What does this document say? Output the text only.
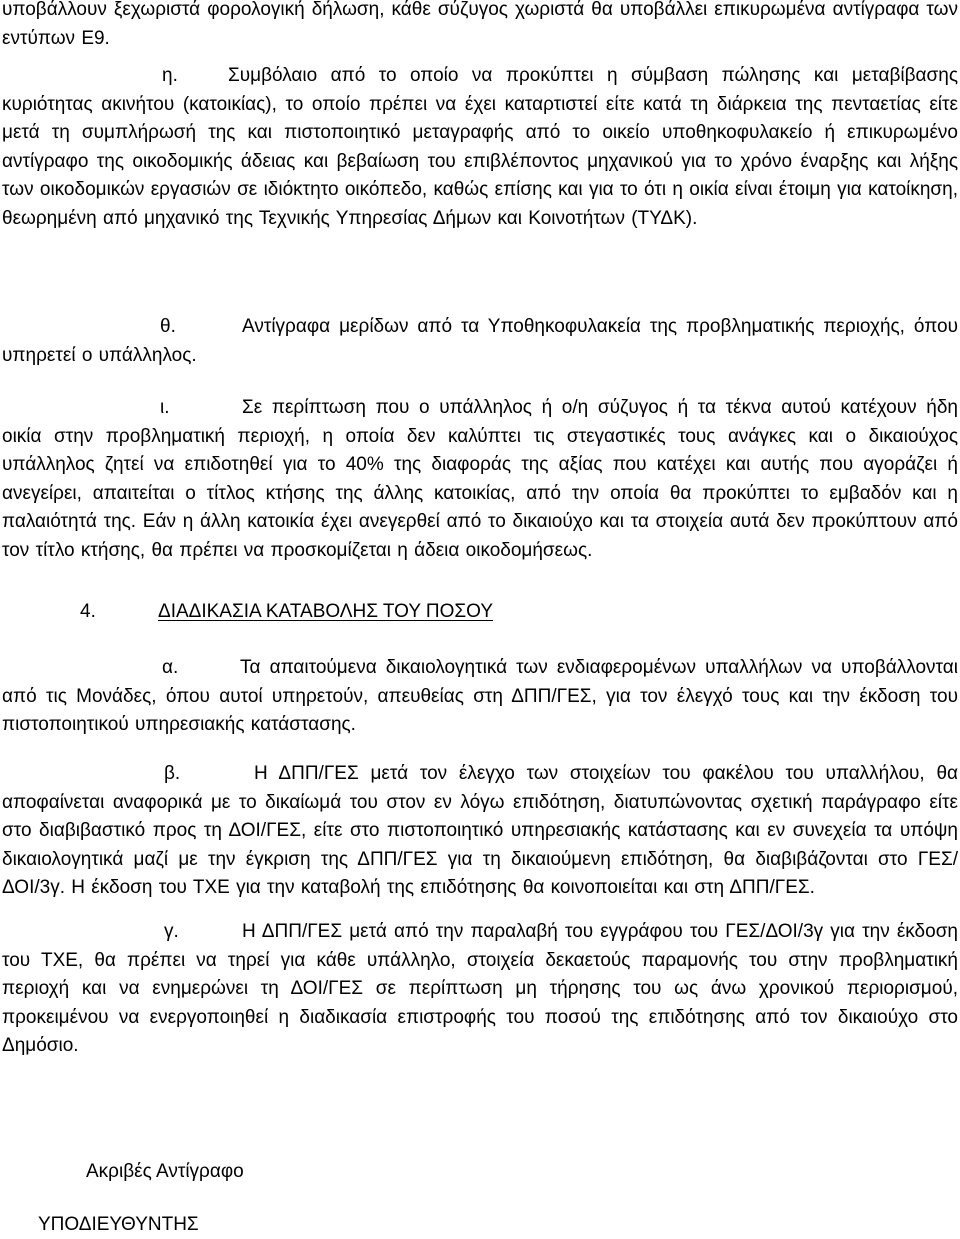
υποβάλλουν ξεχωριστά φορολογική δήλωση, κάθε σύζυγος χωριστά θα υποβάλλει επικυρωμένα αντίγραφα των εντύπων Ε9.
η.	Συμβόλαιο από το οποίο να προκύπτει η σύμβαση πώλησης και μεταβίβασης κυριότητας ακινήτου (κατοικίας), το οποίο πρέπει να έχει καταρτιστεί είτε κατά τη διάρκεια της πενταετίας είτε μετά τη συμπλήρωσή της και πιστοποιητικό μεταγραφής από το οικείο υποθηκοφυλακείο ή επικυρωμένο αντίγραφο της οικοδομικής άδειας και βεβαίωση του επιβλέποντος μηχανικού για το χρόνο έναρξης και λήξης των οικοδομικών εργασιών σε ιδιόκτητο οικόπεδο, καθώς επίσης και για το ότι η οικία είναι έτοιμη για κατοίκηση, θεωρημένη από μηχανικό της Τεχνικής Υπηρεσίας Δήμων και Κοινοτήτων (ΤΥΔΚ).
θ.	Αντίγραφα μερίδων από τα Υποθηκοφυλακεία της προβληματικής περιοχής, όπου υπηρετεί ο υπάλληλος.
ι.	Σε περίπτωση που ο υπάλληλος ή ο/η σύζυγος ή τα τέκνα αυτού κατέχουν ήδη οικία στην προβληματική περιοχή, η οποία δεν καλύπτει τις στεγαστικές τους ανάγκες και ο δικαιούχος υπάλληλος ζητεί να επιδοτηθεί για το 40% της διαφοράς της αξίας που κατέχει και αυτής που αγοράζει ή ανεγείρει, απαιτείται ο τίτλος κτήσης της άλλης κατοικίας, από την οποία θα προκύπτει το εμβαδόν και η παλαιότητά της. Εάν η άλλη κατοικία έχει ανεγερθεί από το δικαιούχο και τα στοιχεία αυτά δεν προκύπτουν από τον τίτλο κτήσης, θα πρέπει να προσκομίζεται η άδεια οικοδομήσεως.
4.	ΔΙΑΔΙΚΑΣΙΑ ΚΑΤΑΒΟΛΗΣ ΤΟΥ ΠΟΣΟΥ
α.	Τα απαιτούμενα δικαιολογητικά των ενδιαφερομένων υπαλλήλων να υποβάλλονται από τις Μονάδες, όπου αυτοί υπηρετούν, απευθείας στη ΔΠΠ/ΓΕΣ, για τον έλεγχό τους και την έκδοση του πιστοποιητικού υπηρεσιακής κατάστασης.
β.	Η ΔΠΠ/ΓΕΣ μετά τον έλεγχο των στοιχείων του φακέλου του υπαλλήλου, θα αποφαίνεται αναφορικά με το δικαίωμά του στον εν λόγω επιδότηση, διατυπώνοντας σχετική παράγραφο είτε στο διαβιβαστικό προς τη ΔΟΙ/ΓΕΣ, είτε στο πιστοποιητικό υπηρεσιακής κατάστασης και εν συνεχεία τα υπόψη δικαιολογητικά μαζί με την έγκριση της ΔΠΠ/ΓΕΣ για τη δικαιούμενη επιδότηση, θα διαβιβάζονται στο ΓΕΣ/ΔΟΙ/3γ. Η έκδοση του ΤΧΕ για την καταβολή της επιδότησης θα κοινοποιείται και στη ΔΠΠ/ΓΕΣ.
γ.	Η ΔΠΠ/ΓΕΣ μετά από την παραλαβή του εγγράφου του ΓΕΣ/ΔΟΙ/3γ για την έκδοση του ΤΧΕ, θα πρέπει να τηρεί για κάθε υπάλληλο, στοιχεία δεκαετούς παραμονής του στην προβληματική περιοχή και να ενημερώνει τη ΔΟΙ/ΓΕΣ σε περίπτωση μη τήρησης του ως άνω χρονικού περιορισμού, προκειμένου να ενεργοποιηθεί η διαδικασία επιστροφής του ποσού της επιδότησης από τον δικαιούχο στο Δημόσιο.
Ακριβές Αντίγραφο
ΥΠΟΔΙΕΥΘΥΝΤΗΣ
